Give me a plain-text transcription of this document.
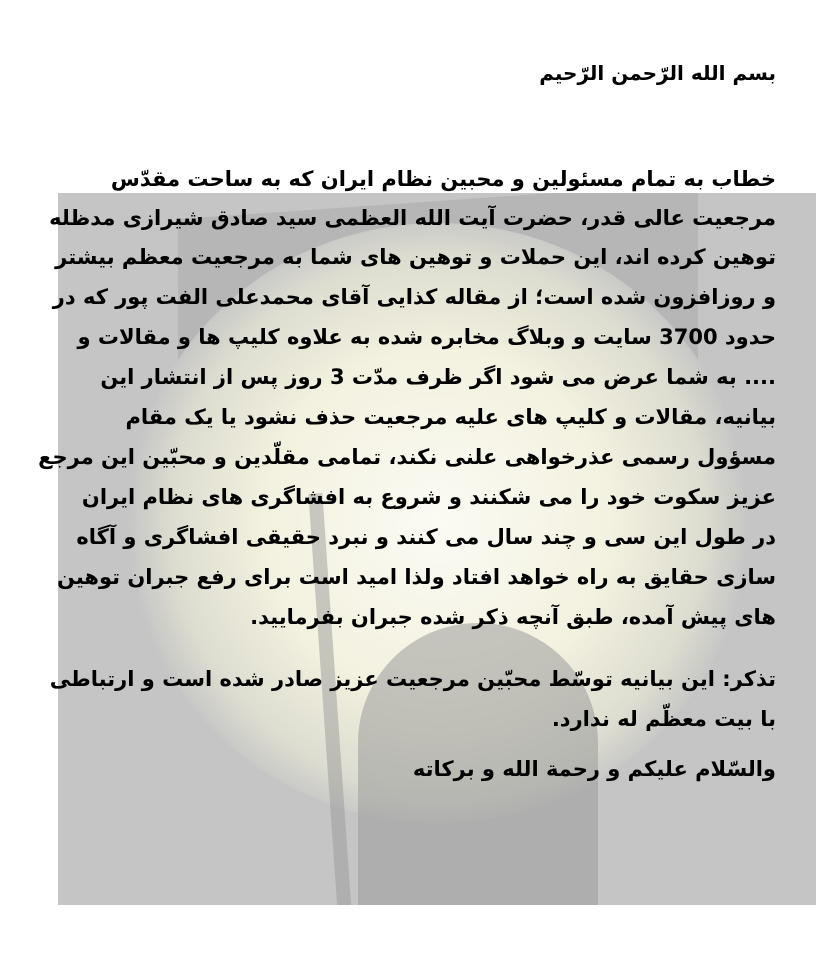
بسم الله الرّحمن الرّحيم
خطاب به تمام مسئولین و محبین نظام ایران که به ساحت مقدّس
مرجعیت عالی قدر، حضرت آیت الله العظمی سید صادق شیرازی مدظله
توهین کرده اند، این حملات و توهین های شما به مرجعیت معظم بیشتر
و روزافزون شده است؛ از مقاله کذایی آقای محمدعلی الفت پور که در
حدود 3700 سایت و وبلاگ مخابره شده به علاوه کلیپ ها و مقالات و
.... به شما عرض می شود اگر ظرف مدّت 3 روز پس از انتشار این
بیانیه، مقالات و کلیپ های علیه مرجعیت حذف نشود یا یک مقام
مسؤول رسمی عذرخواهی علنی نکند، تمامی مقلّدین و محبّین این مرجع
عزیز سکوت خود را می شکنند و شروع به افشاگری های نظام ایران
در طول این سی و چند سال می کنند و نبرد حقیقی افشاگری و آگاه
سازی حقایق به راه خواهد افتاد ولذا امید است برای رفع جبران توهین
های پیش آمده، طبق آنچه ذکر شده جبران بفرمایید.
تذکر: این بیانیه توسّط محبّین مرجعیت عزیز صادر شده است و ارتباطی
با بیت معظّم له ندارد.
والسّلام علیکم و رحمة الله و برکاته
